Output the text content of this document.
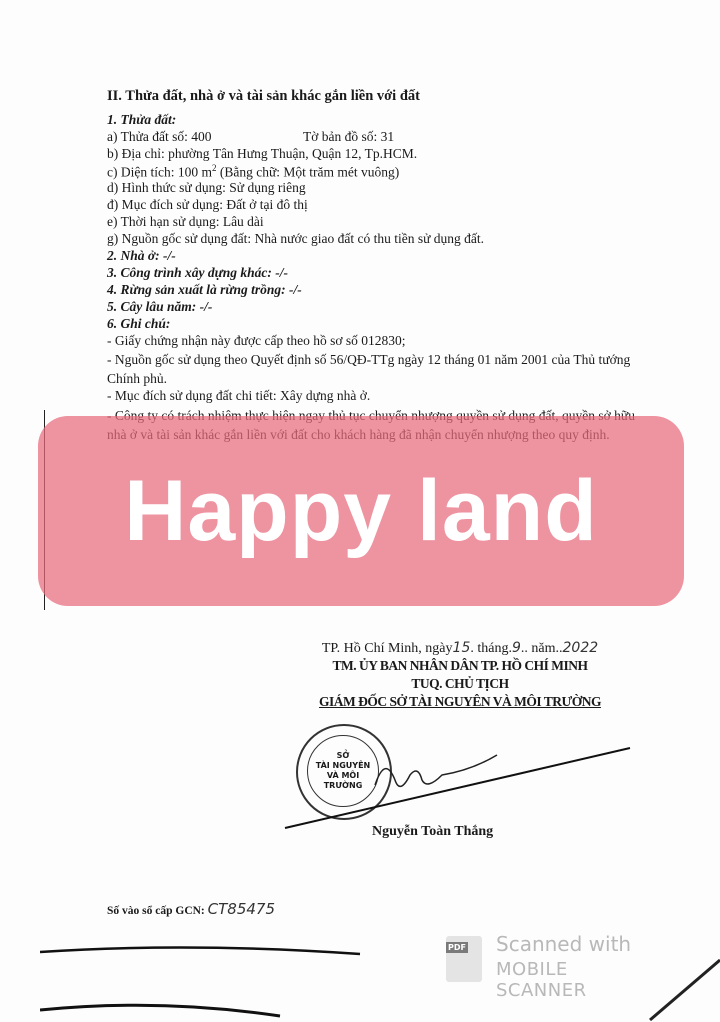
II. Thửa đất, nhà ở và tài sản khác gắn liền với đất
1. Thửa đất:
a) Thửa đất số: 400	Tờ bản đồ số: 31
b) Địa chỉ: phường Tân Hưng Thuận, Quận 12, Tp.HCM.
c) Diện tích: 100 $m^2$ (Bằng chữ: Một trăm mét vuông)
d) Hình thức sử dụng: Sử dụng riêng
đ) Mục đích sử dụng: Đất ở tại đô thị
e) Thời hạn sử dụng: Lâu dài
g) Nguồn gốc sử dụng đất: Nhà nước giao đất có thu tiền sử dụng đất.
2. Nhà ở: -/-
3. Công trình xây dựng khác: -/-
4. Rừng sản xuất là rừng trồng: -/-
5. Cây lâu năm: -/-
6. Ghi chú:
- Giấy chứng nhận này được cấp theo hồ sơ số 012830;
- Nguồn gốc sử dụng theo Quyết định số 56/QĐ-TTg ngày 12 tháng 01 năm 2001 của Thủ tướng Chính phủ.
- Mục đích sử dụng đất chi tiết: Xây dựng nhà ở.
Happy land
TP. Hồ Chí Minh, ngày15. tháng.9.. năm..2022
TM. ỦY BAN NHÂN DÂN TP. HỒ CHÍ MINH
TUQ. CHỦ TỊCH
GIÁM ĐỐC SỞ TÀI NGUYÊN VÀ MÔI TRƯỜNG
SỞ
TÀI NGUYÊN
VÀ MÔI TRƯỜNG
Nguyễn Toàn Thắng
Số vào sổ cấp GCN: CT85475
PDF Scanned with
MOBILE SCANNER
